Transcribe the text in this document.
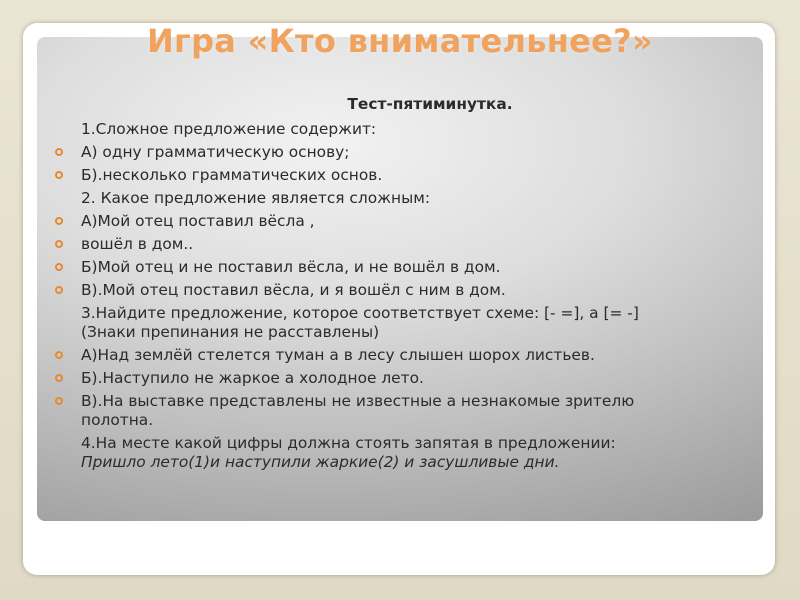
Игра «Кто внимательнее?»
Тест-пятиминутка.
1.Сложное предложение содержит:
А) одну грамматическую основу;
Б).несколько грамматических основ.
2. Какое предложение является сложным:
А)Мой отец поставил вёсла ,
вошёл в дом..
Б)Мой отец и не поставил вёсла, и не вошёл в дом.
В).Мой отец поставил вёсла, и я вошёл с ним в дом.
3.Найдите предложение, которое соответствует схеме: [- =], а [= -]
(Знаки препинания не расставлены)
А)Над землёй стелется туман а в лесу слышен шорох листьев.
Б).Наступило не жаркое а холодное лето.
В).На выставке представлены не известные а незнакомые зрителю
полотна.
4.На месте какой цифры должна стоять запятая в предложении:
Пришло лето(1)и наступили жаркие(2) и засушливые дни.
